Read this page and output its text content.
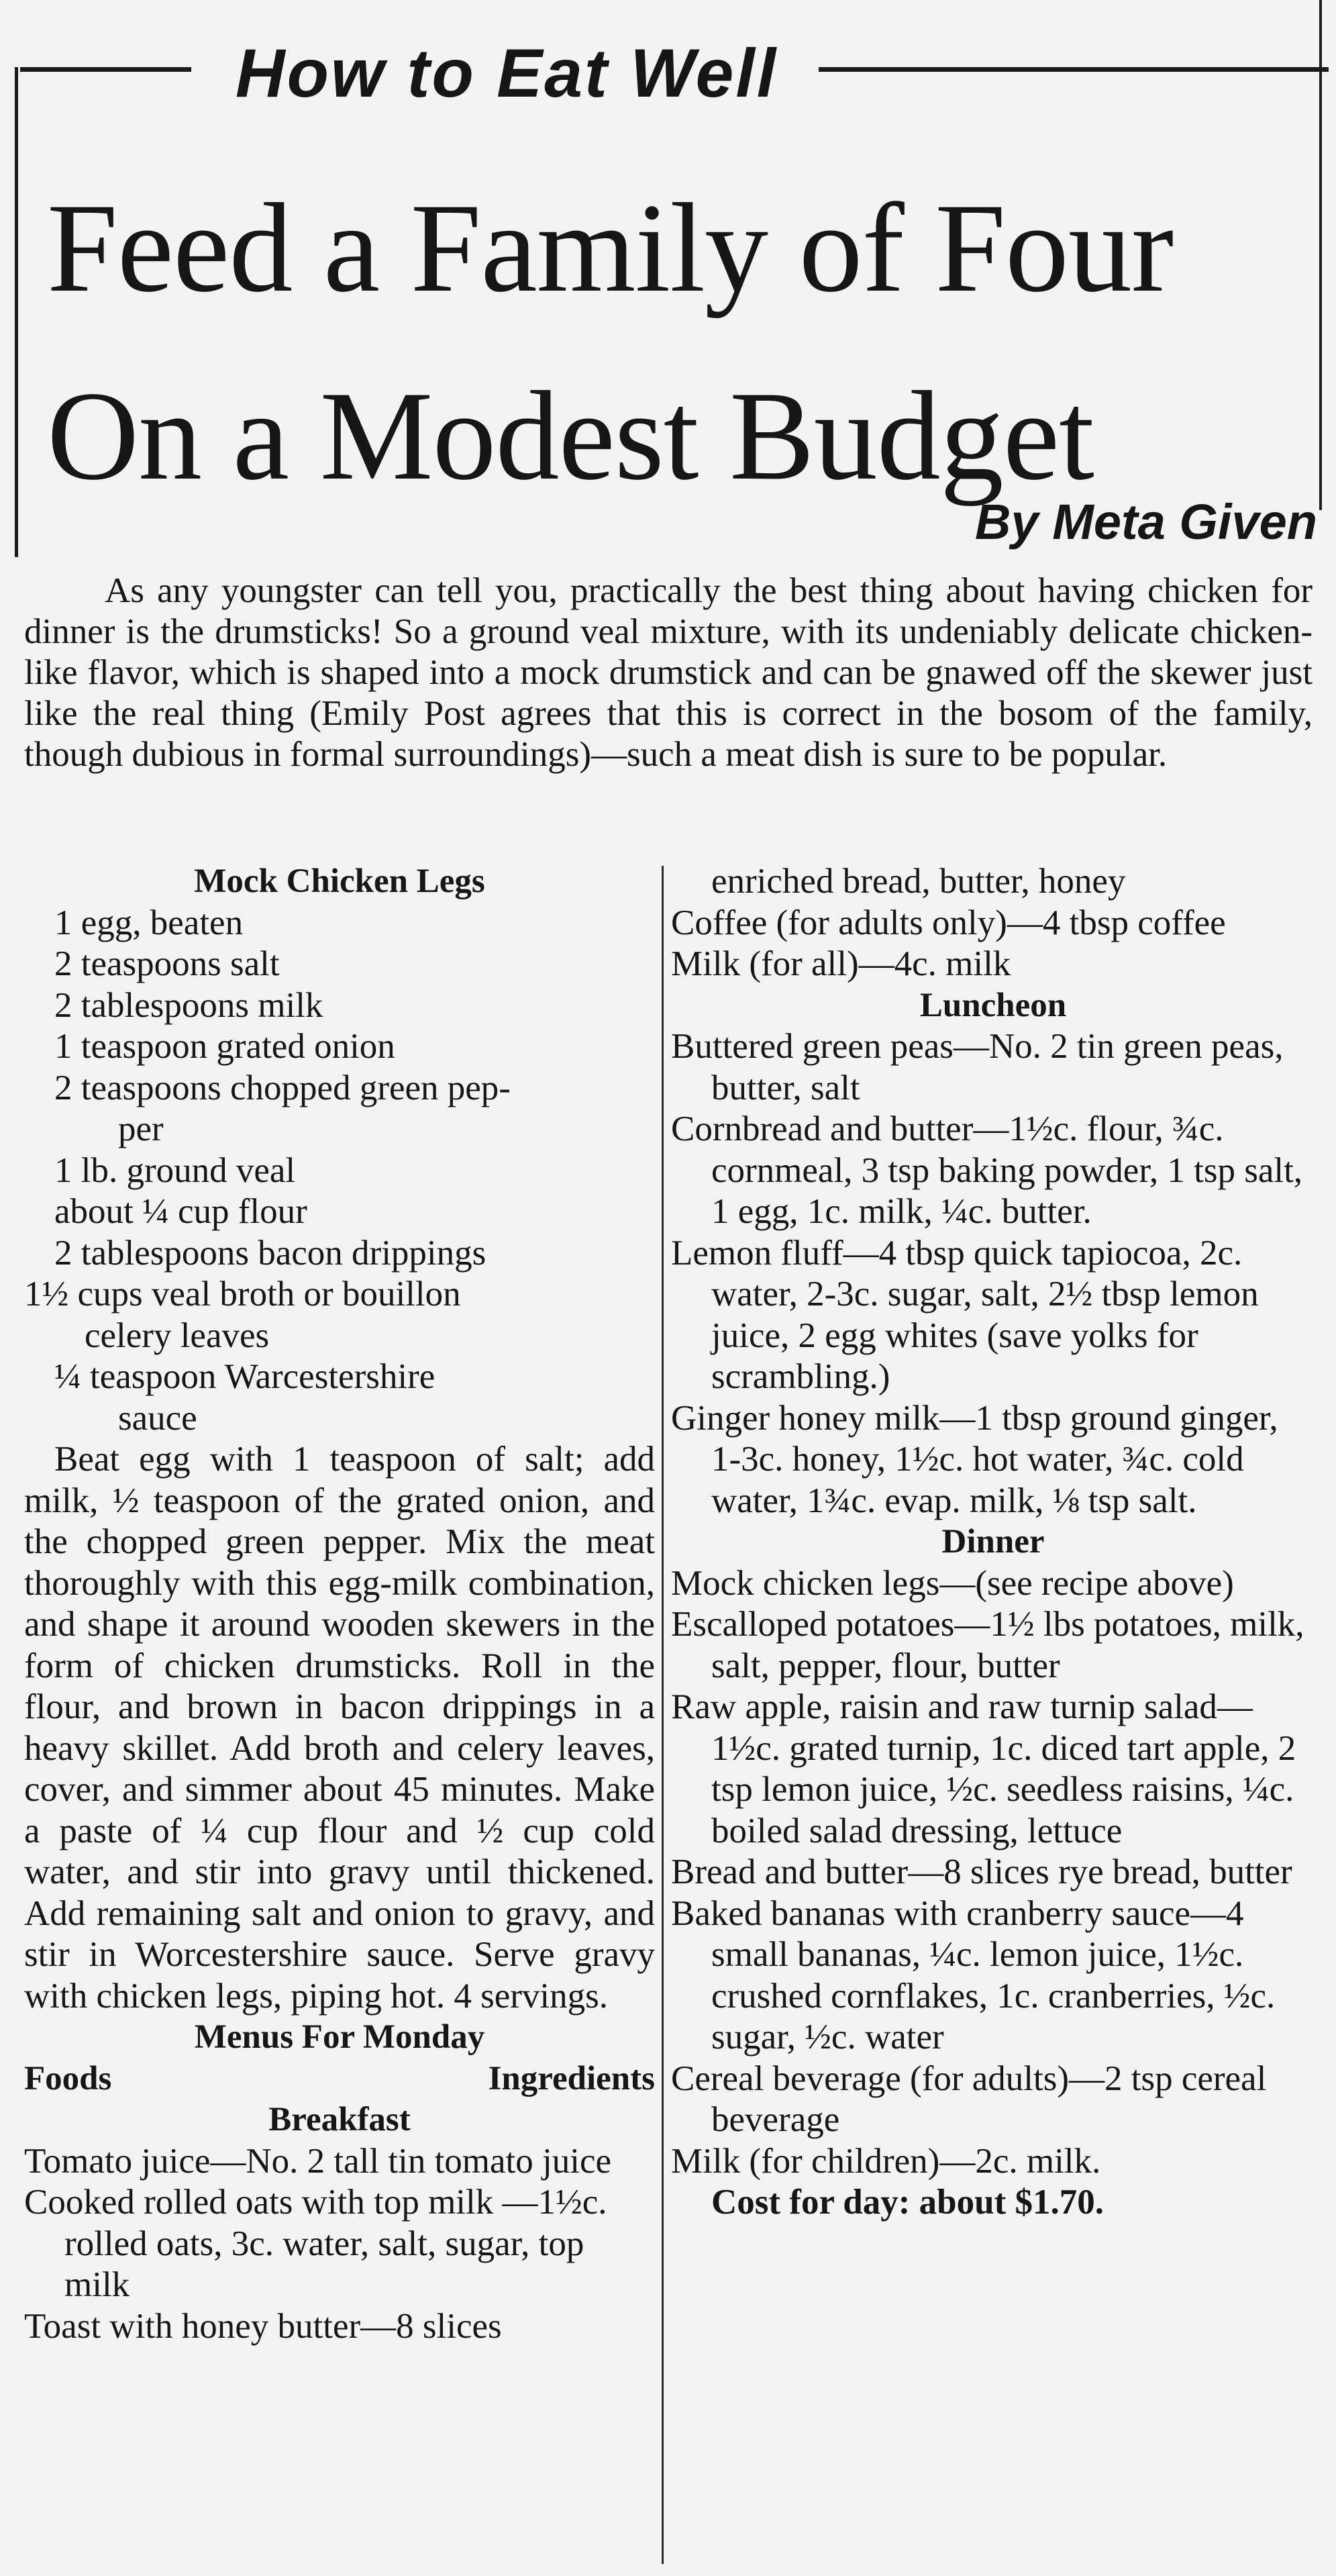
How to Eat Well
Feed a Family of Four
On a Modest Budget
By Meta Given
As any youngster can tell you, practically the best thing about having chicken for dinner is the drumsticks! So a ground veal mixture, with its undeniably delicate chicken-like flavor, which is shaped into a mock drumstick and can be gnawed off the skewer just like the real thing (Emily Post agrees that this is correct in the bosom of the family, though dubious in formal surroundings)—such a meat dish is sure to be popular.
Mock Chicken Legs
1 egg, beaten
2 teaspoons salt
2 tablespoons milk
1 teaspoon grated onion
2 teaspoons chopped green pep-
per
1 lb. ground veal
about ¼ cup flour
2 tablespoons bacon drippings
1½ cups veal broth or bouillon
celery leaves
¼ teaspoon Warcestershire
sauce
Beat egg with 1 teaspoon of salt; add milk, ½ teaspoon of the grated onion, and the chopped green pepper. Mix the meat thoroughly with this egg-milk combination, and shape it around wooden skewers in the form of chicken drumsticks. Roll in the flour, and brown in bacon drippings in a heavy skillet. Add broth and celery leaves, cover, and simmer about 45 minutes. Make a paste of ¼ cup flour and ½ cup cold water, and stir into gravy until thickened. Add remaining salt and onion to gravy, and stir in Worcestershire sauce. Serve gravy with chicken legs, piping hot. 4 servings.
Menus For Monday
Foods	Ingredients
Breakfast
Tomato juice—No. 2 tall tin tomato juice
Cooked rolled oats with top milk —1½c. rolled oats, 3c. water, salt, sugar, top milk
Toast with honey butter—8 slices
enriched bread, butter, honey
Coffee (for adults only)—4 tbsp coffee
Milk (for all)—4c. milk
Luncheon
Buttered green peas—No. 2 tin green peas, butter, salt
Cornbread and butter—1½c. flour, ¾c. cornmeal, 3 tsp baking powder, 1 tsp salt, 1 egg, 1c. milk, ¼c. butter.
Lemon fluff—4 tbsp quick tapiocoa, 2c. water, 2-3c. sugar, salt, 2½ tbsp lemon juice, 2 egg whites (save yolks for scrambling.)
Ginger honey milk—1 tbsp ground ginger, 1-3c. honey, 1½c. hot water, ¾c. cold water, 1¾c. evap. milk, ⅛ tsp salt.
Dinner
Mock chicken legs—(see recipe above)
Escalloped potatoes—1½ lbs potatoes, milk, salt, pepper, flour, butter
Raw apple, raisin and raw turnip salad—1½c. grated turnip, 1c. diced tart apple, 2 tsp lemon juice, ½c. seedless raisins, ¼c. boiled salad dressing, lettuce
Bread and butter—8 slices rye bread, butter
Baked bananas with cranberry sauce—4 small bananas, ¼c. lemon juice, 1½c. crushed cornflakes, 1c. cranberries, ½c. sugar, ½c. water
Cereal beverage (for adults)—2 tsp cereal beverage
Milk (for children)—2c. milk.
Cost for day: about $1.70.
